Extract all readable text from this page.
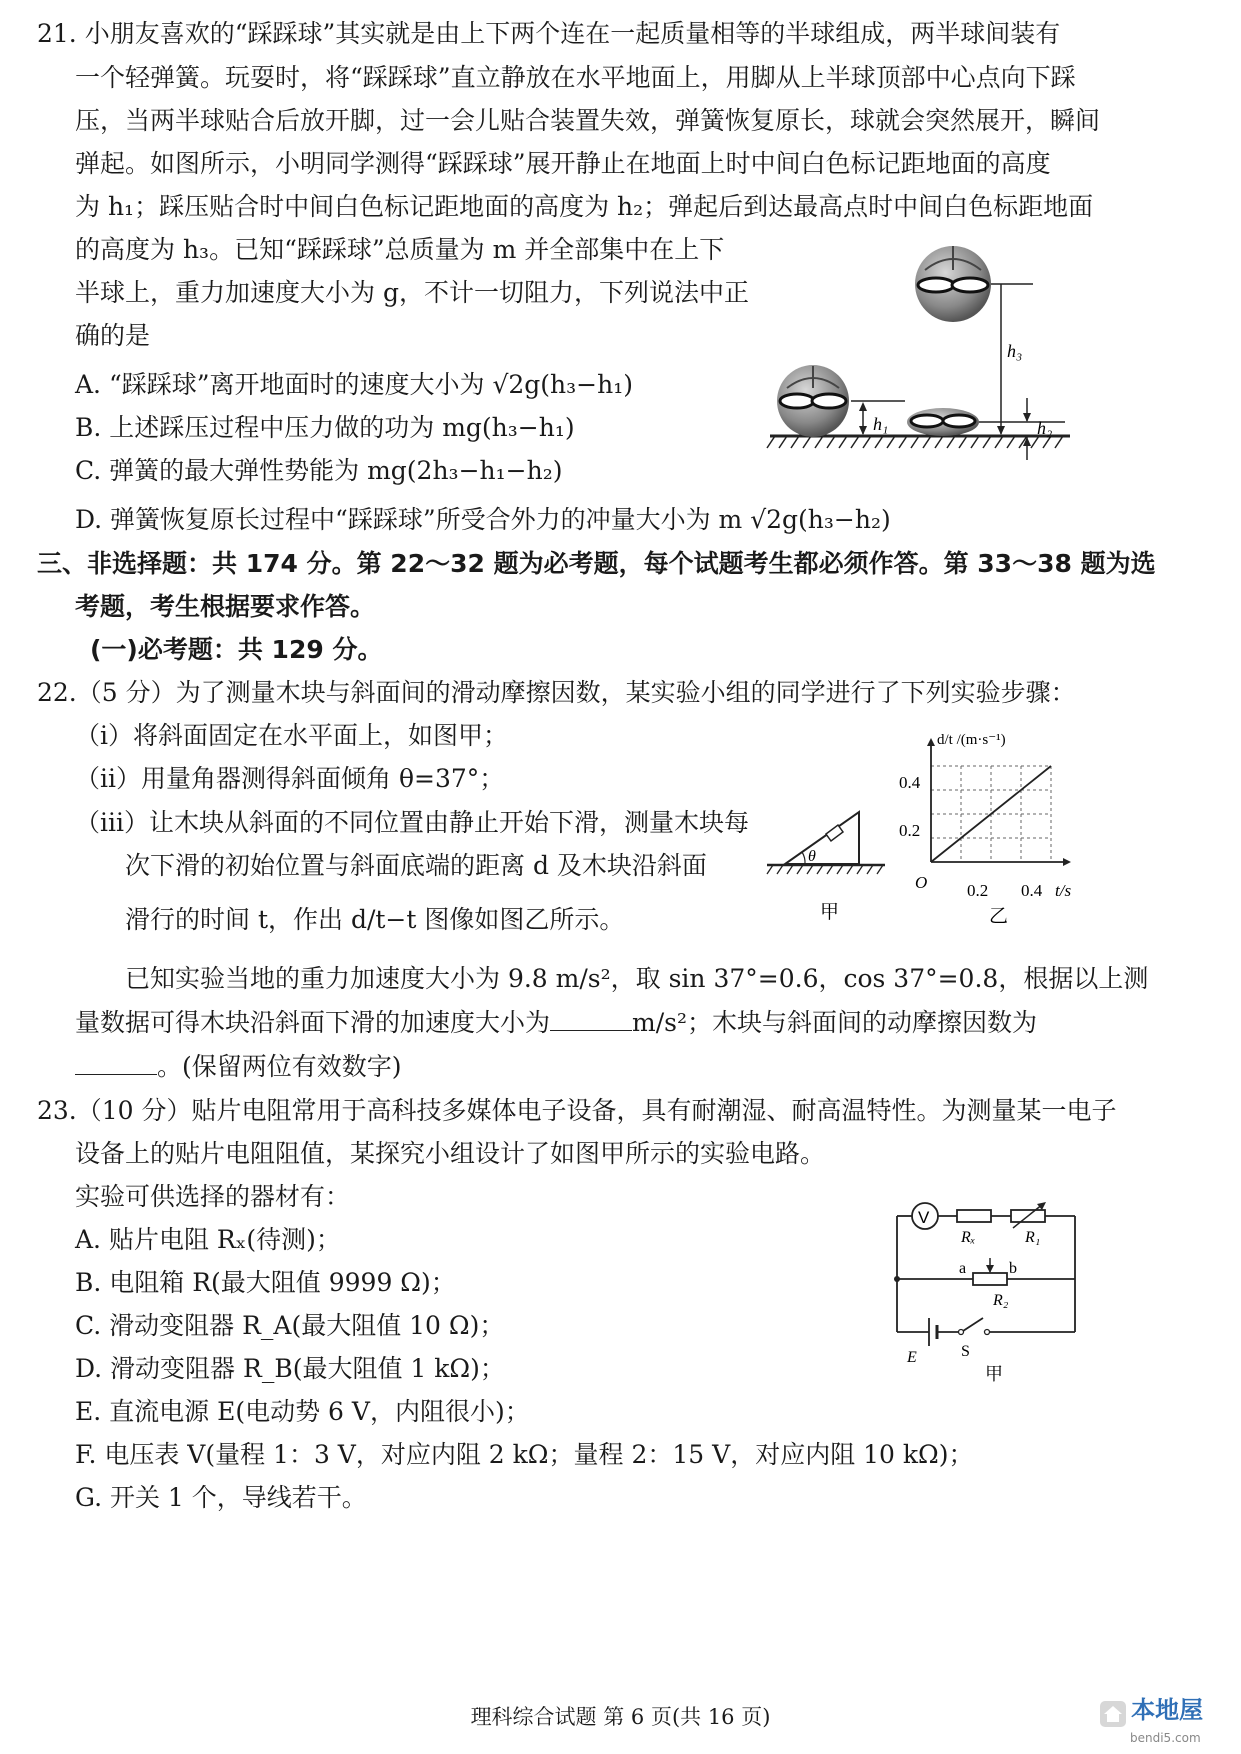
21. 小朋友喜欢的“踩踩球”其实就是由上下两个连在一起质量相等的半球组成，两半球间装有
一个轻弹簧。玩耍时，将“踩踩球”直立静放在水平地面上，用脚从上半球顶部中心点向下踩
压，当两半球贴合后放开脚，过一会儿贴合装置失效，弹簧恢复原长，球就会突然展开，瞬间
弹起。如图所示，小明同学测得“踩踩球”展开静止在地面上时中间白色标记距地面的高度
为 h₁；踩压贴合时中间白色标记距地面的高度为 h₂；弹起后到达最高点时中间白色标距地面
的高度为 h₃。已知“踩踩球”总质量为 m 并全部集中在上下
半球上，重力加速度大小为 g，不计一切阻力，下列说法中正
确的是
A. “踩踩球”离开地面时的速度大小为 √2g(h₃−h₁)
B. 上述踩压过程中压力做的功为 mg(h₃−h₁)
C. 弹簧的最大弹性势能为 mg(2h₃−h₁−h₂)
D. 弹簧恢复原长过程中“踩踩球”所受合外力的冲量大小为 m √2g(h₃−h₂)
h₁
h₃
h₂
三、非选择题：共 174 分。第 22～32 题为必考题，每个试题考生都必须作答。第 33～38 题为选
考题，考生根据要求作答。
(一)必考题：共 129 分。
22.（5 分）为了测量木块与斜面间的滑动摩擦因数，某实验小组的同学进行了下列实验步骤：
（ⅰ）将斜面固定在水平面上，如图甲；
（ⅱ）用量角器测得斜面倾角 θ=37°；
（ⅲ）让木块从斜面的不同位置由静止开始下滑，测量木块每
次下滑的初始位置与斜面底端的距离 d 及木块沿斜面
滑行的时间 t，作出 d/t−t 图像如图乙所示。
已知实验当地的重力加速度大小为 9.8 m/s²，取 sin 37°=0.6，cos 37°=0.8，根据以上测
量数据可得木块沿斜面下滑的加速度大小为	m/s²；木块与斜面间的动摩擦因数为
。(保留两位有效数字)
θ
甲
0.4
0.2
O 0.2 0.4 t/s
d/t /(m·s⁻¹)
乙
23.（10 分）贴片电阻常用于高科技多媒体电子设备，具有耐潮湿、耐高温特性。为测量某一电子
设备上的贴片电阻阻值，某探究小组设计了如图甲所示的实验电路。
实验可供选择的器材有：
A. 贴片电阻 Rₓ(待测)；
B. 电阻箱 R(最大阻值 9999 Ω)；
C. 滑动变阻器 R_A(最大阻值 10 Ω)；
D. 滑动变阻器 R_B(最大阻值 1 kΩ)；
E. 直流电源 E(电动势 6 V，内阻很小)；
F. 电压表 V(量程 1：3 V，对应内阻 2 kΩ；量程 2：15 V，对应内阻 10 kΩ)；
G. 开关 1 个，导线若干。
V
Rₓ	R₁
a	b
R₂
E	S
甲
理科综合试题 第 6 页(共 16 页)	本地屋
bendi5.com
